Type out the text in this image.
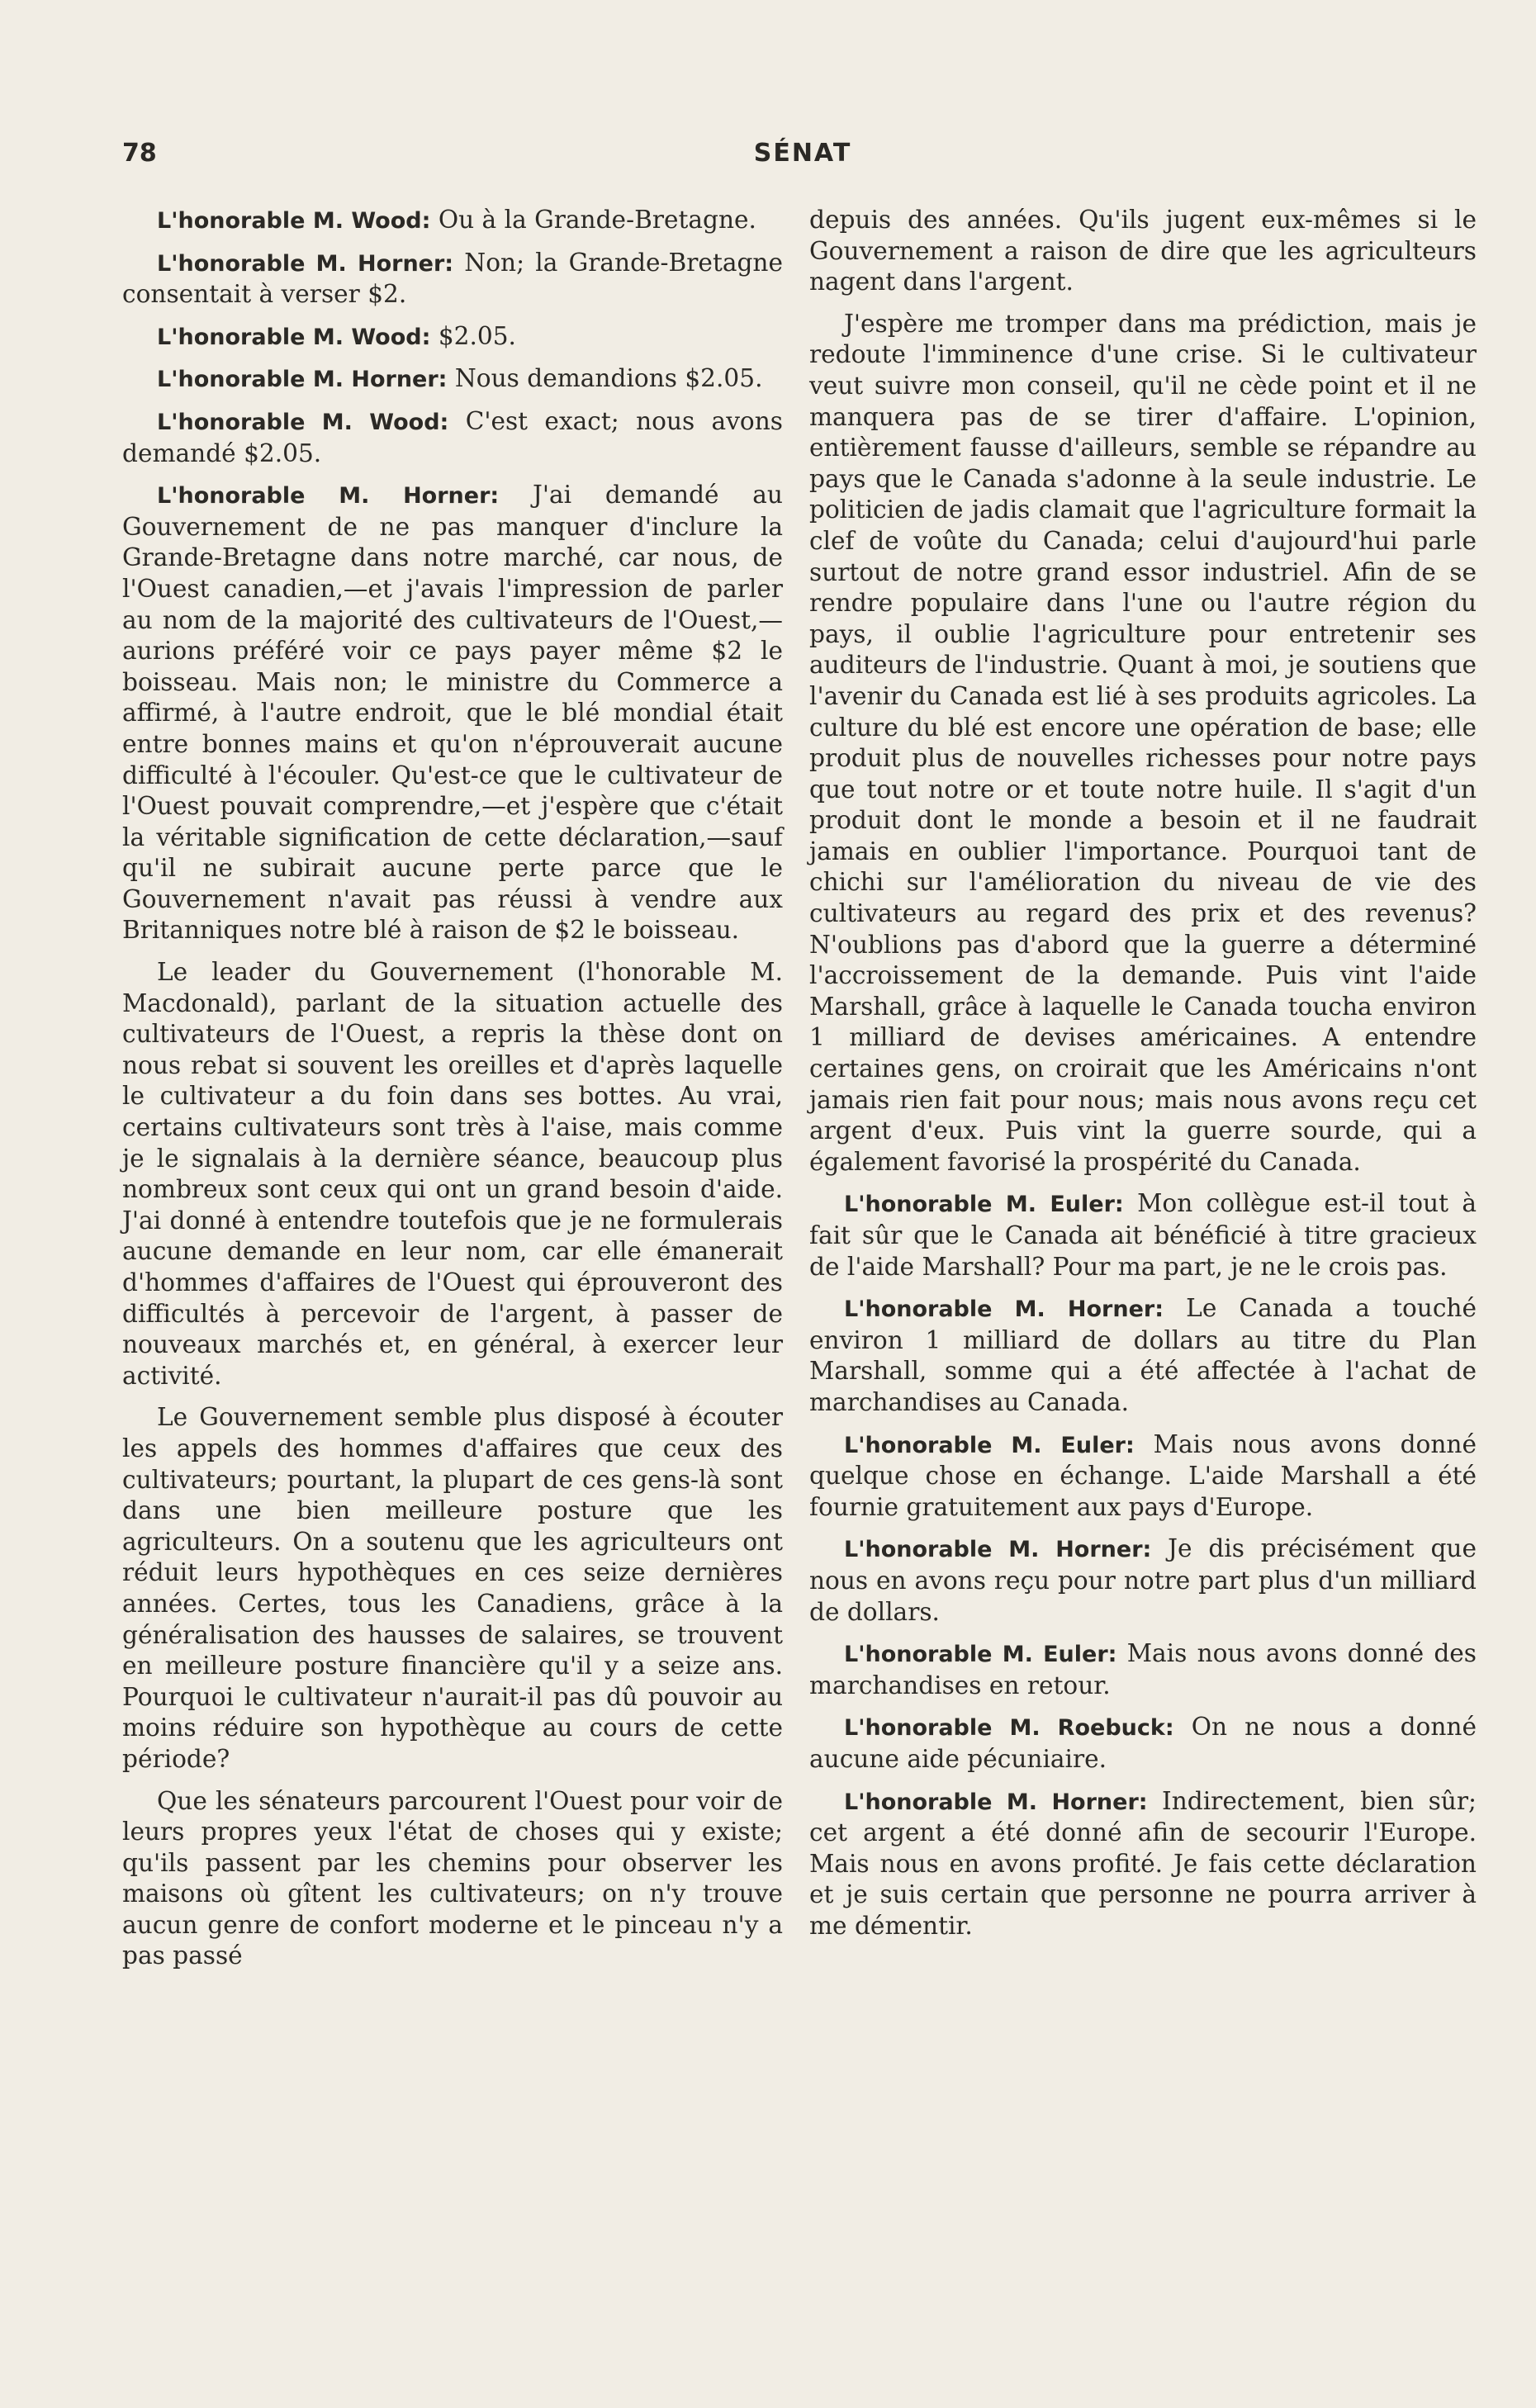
78	SÉNAT

L'honorable M. Wood: Ou à la Grande-Bretagne.

L'honorable M. Horner: Non; la Grande-Bretagne consentait à verser $2.

L'honorable M. Wood: $2.05.

L'honorable M. Horner: Nous demandions $2.05.

L'honorable M. Wood: C'est exact; nous avons demandé $2.05.

L'honorable M. Horner: J'ai demandé au Gouvernement de ne pas manquer d'inclure la Grande-Bretagne dans notre marché, car nous, de l'Ouest canadien,—et j'avais l'impression de parler au nom de la majorité des cultivateurs de l'Ouest,—aurions préféré voir ce pays payer même $2 le boisseau. Mais non; le ministre du Commerce a affirmé, à l'autre endroit, que le blé mondial était entre bonnes mains et qu'on n'éprouverait aucune difficulté à l'écouler. Qu'est-ce que le cultivateur de l'Ouest pouvait comprendre,—et j'espère que c'était la véritable signification de cette déclaration,—sauf qu'il ne subirait aucune perte parce que le Gouvernement n'avait pas réussi à vendre aux Britanniques notre blé à raison de $2 le boisseau.

Le leader du Gouvernement (l'honorable M. Macdonald), parlant de la situation actuelle des cultivateurs de l'Ouest, a repris la thèse dont on nous rebat si souvent les oreilles et d'après laquelle le cultivateur a du foin dans ses bottes. Au vrai, certains cultivateurs sont très à l'aise, mais comme je le signalais à la dernière séance, beaucoup plus nombreux sont ceux qui ont un grand besoin d'aide. J'ai donné à entendre toutefois que je ne formulerais aucune demande en leur nom, car elle émanerait d'hommes d'affaires de l'Ouest qui éprouveront des difficultés à percevoir de l'argent, à passer de nouveaux marchés et, en général, à exercer leur activité.

Le Gouvernement semble plus disposé à écouter les appels des hommes d'affaires que ceux des cultivateurs; pourtant, la plupart de ces gens-là sont dans une bien meilleure posture que les agriculteurs. On a soutenu que les agriculteurs ont réduit leurs hypothèques en ces seize dernières années. Certes, tous les Canadiens, grâce à la généralisation des hausses de salaires, se trouvent en meilleure posture financière qu'il y a seize ans. Pourquoi le cultivateur n'aurait-il pas dû pouvoir au moins réduire son hypothèque au cours de cette période?

Que les sénateurs parcourent l'Ouest pour voir de leurs propres yeux l'état de choses qui y existe; qu'ils passent par les chemins pour observer les maisons où gîtent les cultivateurs; on n'y trouve aucun genre de confort moderne et le pinceau n'y a pas passé

depuis des années. Qu'ils jugent eux-mêmes si le Gouvernement a raison de dire que les agriculteurs nagent dans l'argent.

J'espère me tromper dans ma prédiction, mais je redoute l'imminence d'une crise. Si le cultivateur veut suivre mon conseil, qu'il ne cède point et il ne manquera pas de se tirer d'affaire. L'opinion, entièrement fausse d'ailleurs, semble se répandre au pays que le Canada s'adonne à la seule industrie. Le politicien de jadis clamait que l'agriculture formait la clef de voûte du Canada; celui d'aujourd'hui parle surtout de notre grand essor industriel. Afin de se rendre populaire dans l'une ou l'autre région du pays, il oublie l'agriculture pour entretenir ses auditeurs de l'industrie. Quant à moi, je soutiens que l'avenir du Canada est lié à ses produits agricoles. La culture du blé est encore une opération de base; elle produit plus de nouvelles richesses pour notre pays que tout notre or et toute notre huile. Il s'agit d'un produit dont le monde a besoin et il ne faudrait jamais en oublier l'importance. Pourquoi tant de chichi sur l'amélioration du niveau de vie des cultivateurs au regard des prix et des revenus? N'oublions pas d'abord que la guerre a déterminé l'accroissement de la demande. Puis vint l'aide Marshall, grâce à laquelle le Canada toucha environ 1 milliard de devises américaines. A entendre certaines gens, on croirait que les Américains n'ont jamais rien fait pour nous; mais nous avons reçu cet argent d'eux. Puis vint la guerre sourde, qui a également favorisé la prospérité du Canada.

L'honorable M. Euler: Mon collègue est-il tout à fait sûr que le Canada ait bénéficié à titre gracieux de l'aide Marshall? Pour ma part, je ne le crois pas.

L'honorable M. Horner: Le Canada a touché environ 1 milliard de dollars au titre du Plan Marshall, somme qui a été affectée à l'achat de marchandises au Canada.

L'honorable M. Euler: Mais nous avons donné quelque chose en échange. L'aide Marshall a été fournie gratuitement aux pays d'Europe.

L'honorable M. Horner: Je dis précisément que nous en avons reçu pour notre part plus d'un milliard de dollars.

L'honorable M. Euler: Mais nous avons donné des marchandises en retour.

L'honorable M. Roebuck: On ne nous a donné aucune aide pécuniaire.

L'honorable M. Horner: Indirectement, bien sûr; cet argent a été donné afin de secourir l'Europe. Mais nous en avons profité. Je fais cette déclaration et je suis certain que personne ne pourra arriver à me démentir.
